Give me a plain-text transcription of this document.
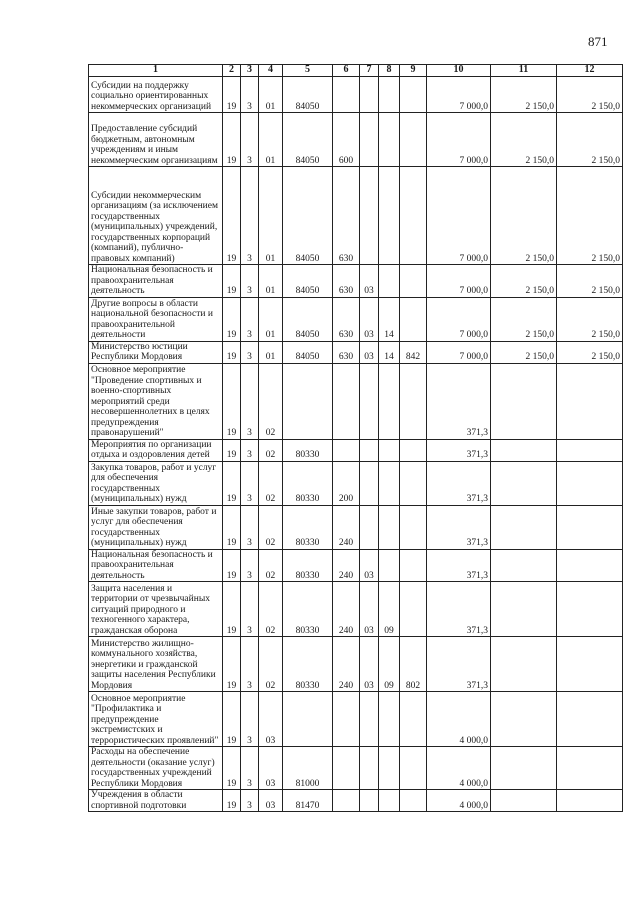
871
1	2	3	4	5	6	7	8	9	10	11	12
Субсидии на поддержку социально ориентированных некоммерческих организаций	19	3	01	84050					7 000,0	2 150,0	2 150,0
Предоставление субсидий бюджетным, автономным учреждениям и иным некоммерческим организациям	19	3	01	84050	600				7 000,0	2 150,0	2 150,0
Субсидии некоммерческим организациям (за исключением государственных (муниципальных) учреждений, государственных корпораций (компаний), публично-правовых компаний)	19	3	01	84050	630				7 000,0	2 150,0	2 150,0
Национальная безопасность и правоохранительная деятельность	19	3	01	84050	630	03			7 000,0	2 150,0	2 150,0
Другие вопросы в области национальной безопасности и правоохранительной деятельности	19	3	01	84050	630	03	14		7 000,0	2 150,0	2 150,0
Министерство юстиции Республики Мордовия	19	3	01	84050	630	03	14	842	7 000,0	2 150,0	2 150,0
Основное мероприятие "Проведение спортивных и военно-спортивных мероприятий среди несовершеннолетних в целях предупреждения правонарушений"	19	3	02						371,3		
Мероприятия по организации отдыха и оздоровления детей	19	3	02	80330					371,3		
Закупка товаров, работ и услуг для обеспечения государственных (муниципальных) нужд	19	3	02	80330	200				371,3		
Иные закупки товаров, работ и услуг для обеспечения государственных (муниципальных) нужд	19	3	02	80330	240				371,3		
Национальная безопасность и правоохранительная деятельность	19	3	02	80330	240	03			371,3		
Защита населения и территории от чрезвычайных ситуаций природного и техногенного характера, гражданская оборона	19	3	02	80330	240	03	09		371,3		
Министерство жилищно-коммунального хозяйства, энергетики и гражданской защиты населения Республики Мордовия	19	3	02	80330	240	03	09	802	371,3		
Основное мероприятие "Профилактика и предупреждение экстремистских и террористических проявлений"	19	3	03						4 000,0		
Расходы на обеспечение деятельности (оказание услуг) государственных учреждений Республики Мордовия	19	3	03	81000					4 000,0		
Учреждения в области спортивной подготовки	19	3	03	81470					4 000,0		
